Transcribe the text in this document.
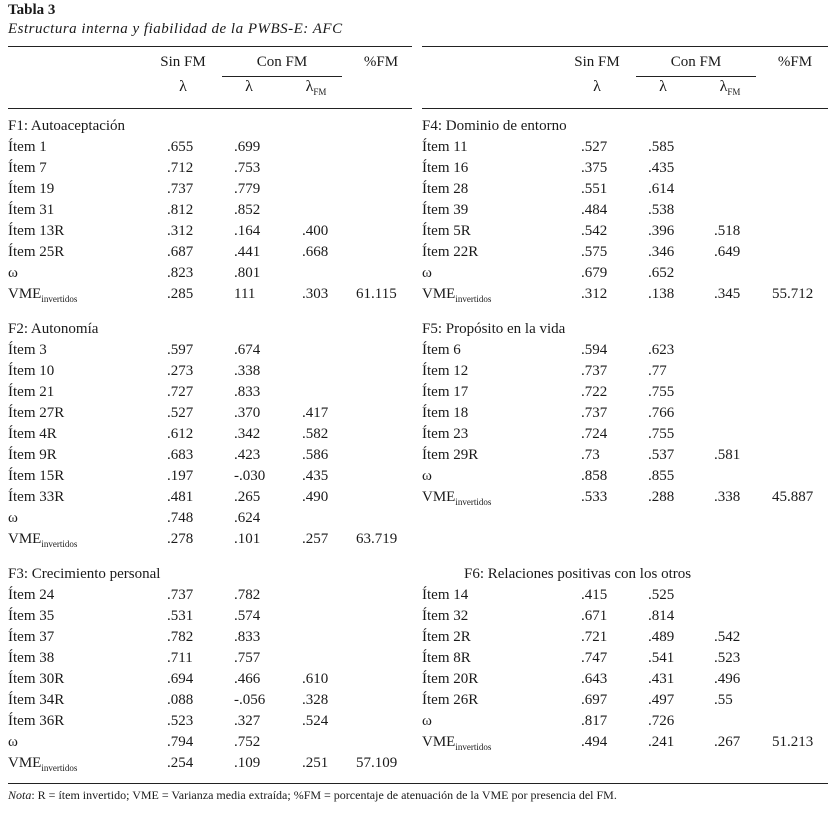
Tabla 3
Estructura interna y fiabilidad de la PWBS-E: AFC
Sin FM	Con FM	%FM
λ	λ	$\lambda_{FM}$
Sin FM	Con FM	%FM
λ	λ	$\lambda_{FM}$
F1: Autoaceptación
Ítem 1	.655	.699
Ítem 7	.712	.753
Ítem 19	.737	.779
Ítem 31	.812	.852
Ítem 13R	.312	.164	.400
Ítem 25R	.687	.441	.668
ω	.823	.801
$VME_{invertidos}$	.285	111	.303 61.115
F4: Dominio de entorno
Ítem 11	.527	.585
Ítem 16	.375	.435
Ítem 28	.551	.614
Ítem 39	.484	.538
Ítem 5R	.542	.396	.518
Ítem 22R	.575	.346	.649
ω	.679	.652
$VME_{invertidos}$	.312	.138	.345 55.712
F2: Autonomía
Ítem 3	.597	.674
Ítem 10	.273	.338
Ítem 21	.727	.833
Ítem 27R	.527	.370	.417
Ítem 4R	.612	.342	.582
Ítem 9R	.683	.423	.586
Ítem 15R	.197	-.030 .435
Ítem 33R	.481	.265	.490
ω	.748	.624
$VME_{invertidos}$	.278	.101	.257 63.719
F5: Propósito en la vida
Ítem 6	.594	.623
Ítem 12	.737	.77
Ítem 17	.722	.755
Ítem 18	.737	.766
Ítem 23	.724	.755
Ítem 29R	.73	.537	.581
ω	.858	.855
$VME_{invertidos}$	.533	.288	.338 45.887
F3: Crecimiento personal
Ítem 24	.737	.782
Ítem 35	.531	.574
Ítem 37	.782	.833
Ítem 38	.711	.757
Ítem 30R	.694	.466	.610
Ítem 34R	.088	-.056 .328
Ítem 36R	.523	.327	.524
ω	.794	.752
$VME_{invertidos}$	.254	.109	.251 57.109
F6: Relaciones positivas con los otros
Ítem 14	.415	.525
Ítem 32	.671	.814
Ítem 2R	.721	.489	.542
Ítem 8R	.747	.541	.523
Ítem 20R	.643	.431	.496
Ítem 26R	.697	.497	.55
ω	.817	.726
$VME_{invertidos}$	.494	.241	.267 51.213
Nota: R = ítem invertido; VME = Varianza media extraída; %FM = porcentaje de atenuación de la VME por presencia del FM.
